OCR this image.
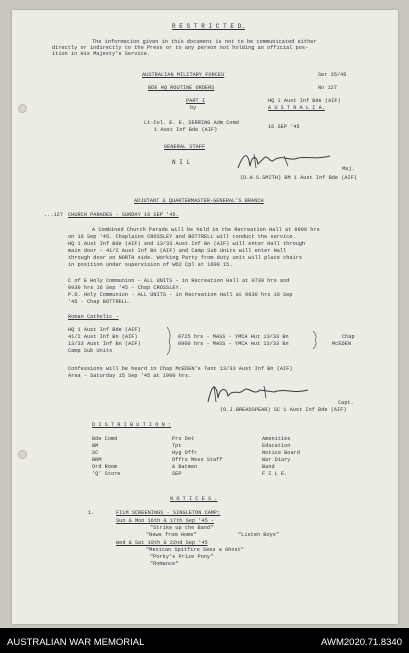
R E S T R I C T E D.
The information given in this document is not to be communicated either
directly or indirectly to the Press or to any person not holding an official pos-
ition in His Majesty's Service.
AUSTRALIAN MILITARY FORCES	Ser 35/45
BDE HQ ROUTINE ORDERS	No 127
PART I
by
HQ 1 Aust Inf Bde (AIF)
A U S T R A L I A.
Lt-Col. E. E. SERRING Adm Comd
1 Aust Inf Bde (AIF)	16 SEP '45
GENERAL STAFF
N I L
Maj.
(D.H.S.SMITH) BM 1 Aust Inf Bde (AIF)
ADJUTANT & QUARTERMASTER-GENERAL'S BRANCH
...127 CHURCH PARADES - SUNDAY 16 SEP '45.
A Combined Church Parade will be held in the Recreation Hall at 0900 hrs
on 16 Sep '45. Chaplains CROSSLEY and BOTTRELL will conduct the service.
HQ 1 Aust Inf Bde (AIF) and 13/33 Aust Inf Bn (AIF) will enter Hall through
main door - 41/2 Aust Inf Bn (AIF) and Camp Sub Units will enter Hall
through door on NORTH side. Working Party from duty unit will place chairs
in position under supervision of WO2 Cpl at 1600 15.
C of E Holy Communion - ALL UNITS - in Recreation Hall at 0730 hrs and
0930 hrs 16 Sep '45 - Chap CROSSLEY.
P.D. Holy Communion - ALL UNITS - in Recreation Hall at 0930 hrs 16 Sep
'45 - Chap BOTTRELL.
Roman Catholic -
HQ 1 Aust Inf Bde (AIF)
41/2 Aust Inf Bn (AIF)
13/33 Aust Inf Bn (AIF)
Camp Sub Units
0725 hrs - MASS - YMCA Hut 13/33 Bn
0900 hrs - MASS - YMCA Hut 13/33 Bn
Chap
McEDEN
Confessions will be heard in Chap McEDEN's Tent 13/33 Aust Inf Bn (AIF)
Area - Saturday 15 Sep '45 at 1900 hrs.
Capt.
(O.J.BREADSPEAR) SC 1 Aust Inf Bde (AIF)
D I S T R I B U T I O N :
Bde Comd
BM
SC
BRM
Ord Room
'Q' Store
Pro Det
Tpt
Hyg Offr
Offrs Mess Staff
& Batmen
SEP
Amenities
Education
Notice Board
War Diary
Band
F I L E.
N O T I C E S .
1.	FILM SCREENINGS - SINGLETON CAMP:
Sun & Mon 16th & 17th Sep '45 -
"Strike up the Band"
"News from Home"	"Listen Boys"
Wed & Sat 19th & 22nd Sep '45
"Mexican Spitfire Sees a Ghost"
"Porky's Prize Pony"
"Romance"
AUSTRALIAN WAR MEMORIAL	AWM2020.71.8340
